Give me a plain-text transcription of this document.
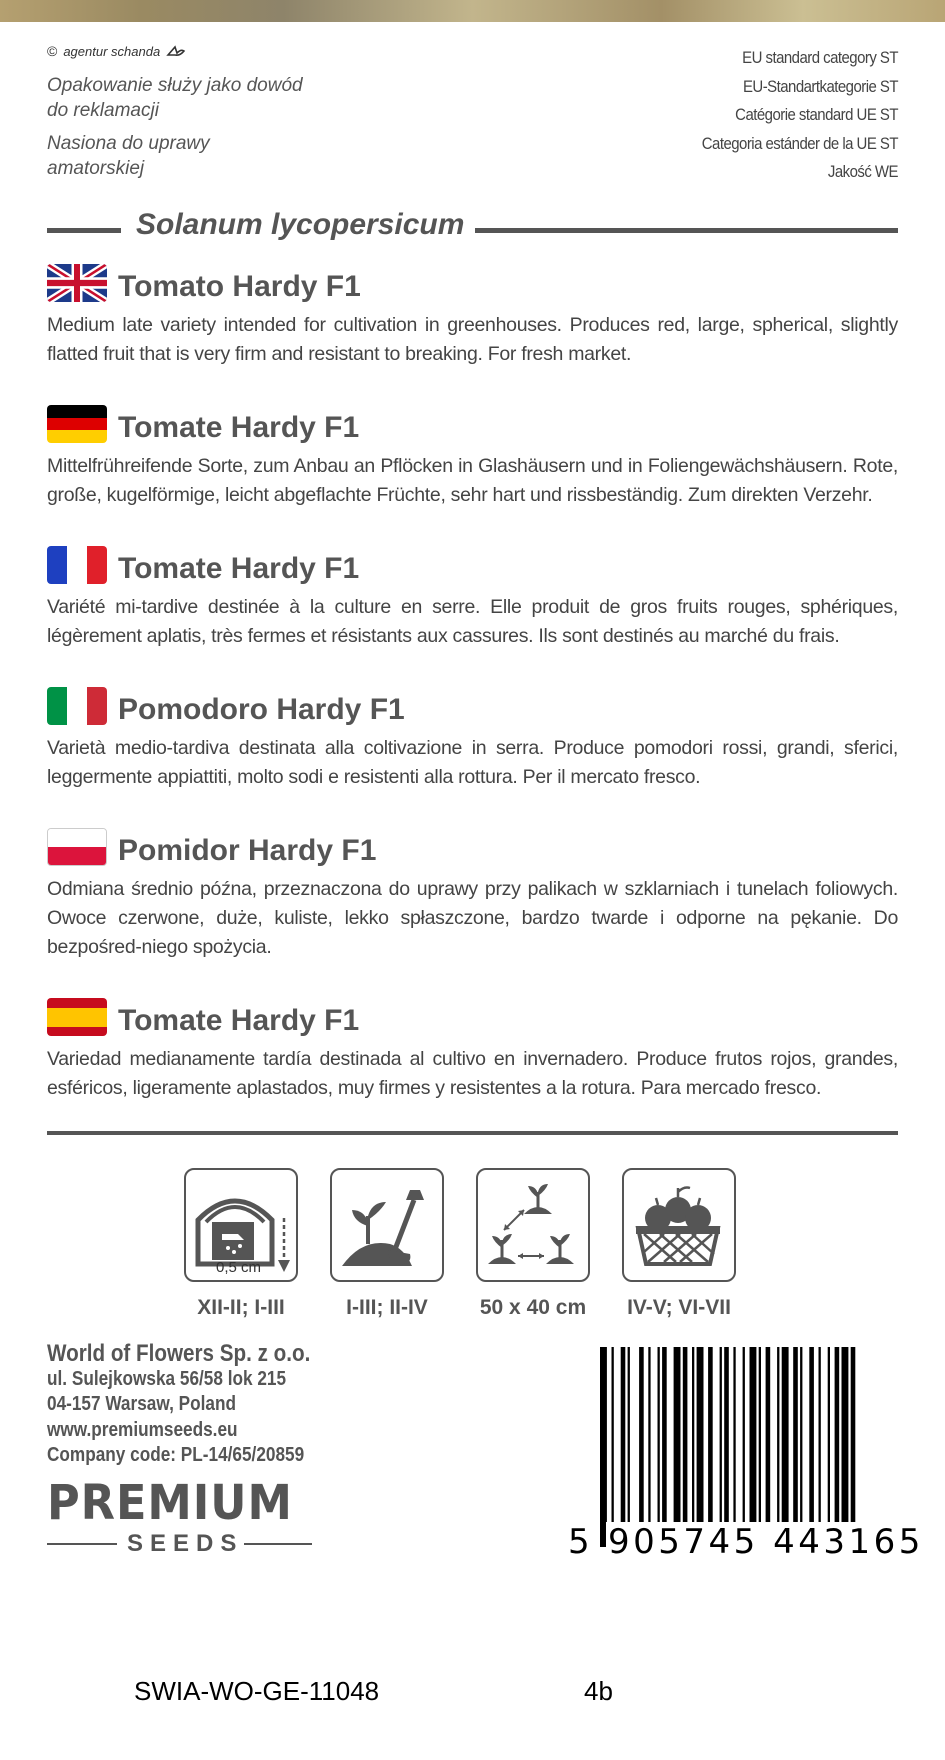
© agentur schanda
Opakowanie służy jako dowód do reklamacji
Nasiona do uprawy amatorskiej
EU standard category ST
EU-Standartkategorie ST
Catégorie standard UE ST
Categoria estánder de la UE ST
Jakość WE
Solanum lycopersicum
Tomato Hardy F1

Medium late variety intended for cultivation in greenhouses. Produces red, large, spherical, slightly flatted fruit that is very firm and resistant to breaking. For fresh market.

Tomate Hardy F1

Mittelfrühreifende Sorte, zum Anbau an Pflöcken in Glashäusern und in Foliengewächshäusern. Rote, große, kugelförmige, leicht abgeflachte Früchte, sehr hart und rissbeständig. Zum direkten Verzehr.

Tomate Hardy F1

Variété mi-tardive destinée à la culture en serre. Elle produit de gros fruits rouges, sphériques, légèrement aplatis, très fermes et résistants aux cassures. Ils sont destinés au marché du frais.

Pomodoro Hardy F1

Varietà medio-tardiva destinata alla coltivazione in serra. Produce pomodori rossi, grandi, sferici, leggermente appiattiti, molto sodi e resistenti alla rottura. Per il mercato fresco.

Pomidor Hardy F1

Odmiana średnio późna, przeznaczona do uprawy przy palikach w szklarniach i tunelach foliowych. Owoce czerwone, duże, kuliste, lekko spłaszczone, bardzo twarde i odporne na pękanie. Do bezpośred-niego spożycia.

Tomate Hardy F1

Variedad medianamente tardía destinada al cultivo en invernadero. Produce frutos rojos, grandes, esféricos, ligeramente aplastados, muy firmes y resistentes a la rotura. Para mercado fresco.

0,5 cm
XII-II; I-III	I-III; II-IV	50 x 40 cm	IV-V; VI-VII
World of Flowers Sp. z o.o.
ul. Sulejkowska 56/58 lok 215
04-157 Warsaw, Poland
www.premiumseeds.eu
Company code: PL-14/65/20859
PREMIUM
SEEDS	5 905745 443165
SWIA-WO-GE-11048	4b
